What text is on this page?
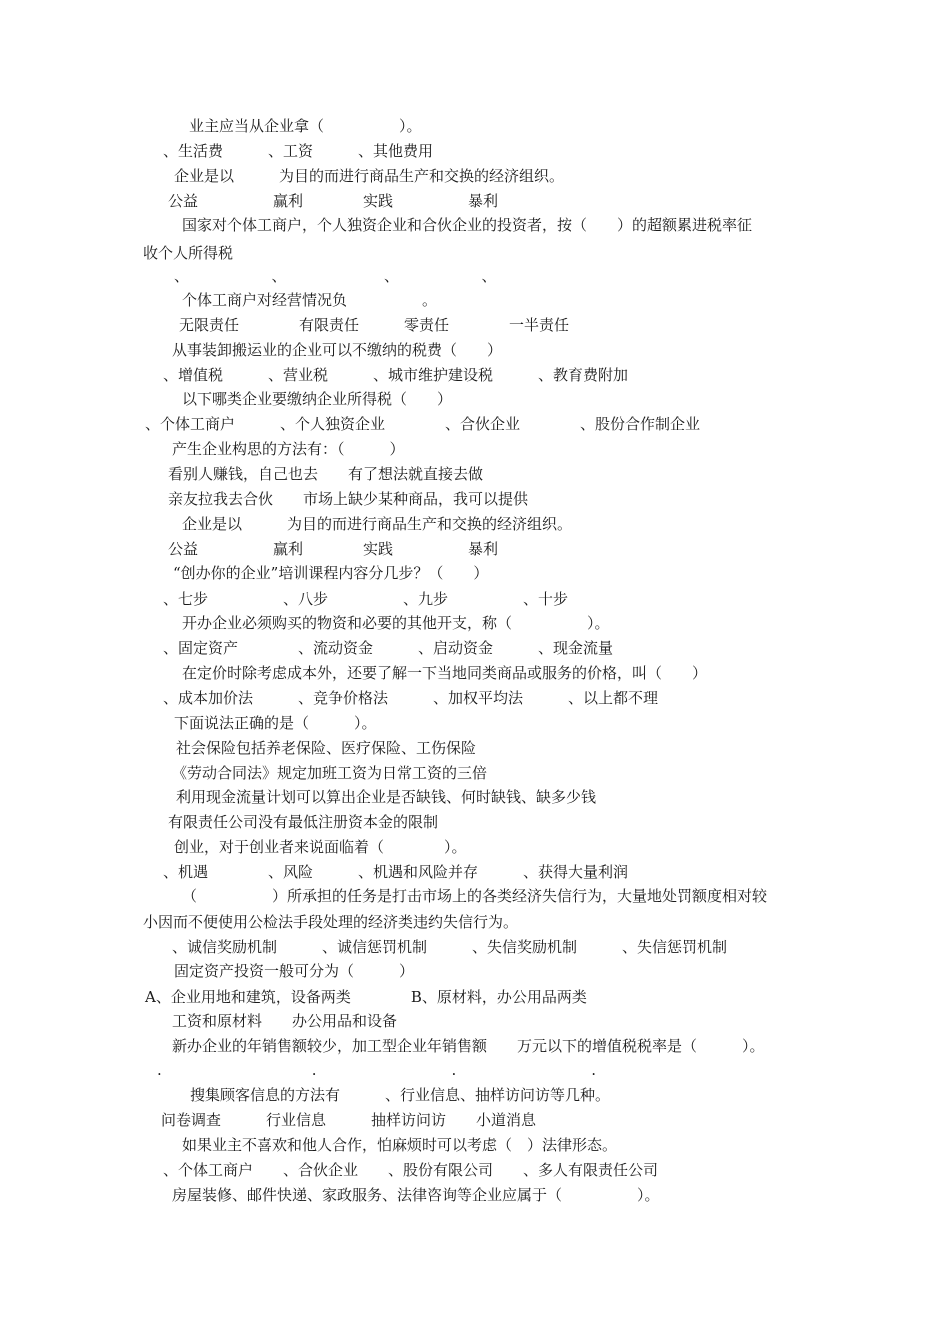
业主应当从企业拿（　　　　　）。
、生活费　　　、工资　　　、其他费用
企业是以　　　为目的而进行商品生产和交换的经济组织。
公益　　　　　赢利　　　　实践　　　　　暴利
国家对个体工商户，个人独资企业和合伙企业的投资者，按（　　）的超额累进税率征
收个人所得税
、　　　　　　、　　　　　　　、　　　　　　、
个体工商户对经营情况负　　　　　。
无限责任　　　　有限责任　　　零责任　　　　一半责任
从事装卸搬运业的企业可以不缴纳的税费（　　）
、增值税　　　、营业税　　　、城市维护建设税　　　、教育费附加
以下哪类企业要缴纳企业所得税（　　）
、个体工商户　　　、个人独资企业　　　　、合伙企业　　　　、股份合作制企业
产生企业构思的方法有：（　　　）
看别人赚钱，自己也去　　有了想法就直接去做
亲友拉我去合伙　　市场上缺少某种商品，我可以提供
企业是以　　　为目的而进行商品生产和交换的经济组织。
公益　　　　　赢利　　　　实践　　　　　暴利
“创办你的企业”培训课程内容分几步？（　　）
、七步　　　　　、八步　　　　　、九步　　　　　、十步
开办企业必须购买的物资和必要的其他开支，称（　　　　　）。
、固定资产　　　　、流动资金　　　、启动资金　　　、现金流量
在定价时除考虑成本外，还要了解一下当地同类商品或服务的价格，叫（　　）
、成本加价法　　　、竞争价格法　　　、加权平均法　　　、以上都不理
下面说法正确的是（　　　）。
社会保险包括养老保险、医疗保险、工伤保险
《劳动合同法》规定加班工资为日常工资的三倍
利用现金流量计划可以算出企业是否缺钱、何时缺钱、缺多少钱
有限责任公司没有最低注册资本金的限制
创业，对于创业者来说面临着（　　　　）。
、机遇　　　　、风险　　　、机遇和风险并存　　　、获得大量利润
（　　　　　）所承担的任务是打击市场上的各类经济失信行为，大量地处罚额度相对较
小因而不便使用公检法手段处理的经济类违约失信行为。
、诚信奖励机制　　　、诚信惩罚机制　　　、失信奖励机制　　　、失信惩罚机制
固定资产投资一般可分为（　　　）
A、企业用地和建筑，设备两类　　　　B、原材料，办公用品两类
工资和原材料　　办公用品和设备
新办企业的年销售额较少，加工型企业年销售额　　万元以下的增值税税率是（　　　）。
.　　　　　　　　　　.　　　　　　　　　.　　　　　　　　　.
搜集顾客信息的方法有　　　、行业信息、抽样访问访等几种。
问卷调查　　　行业信息　　　抽样访问访　　小道消息
如果业主不喜欢和他人合作，怕麻烦时可以考虑（　）法律形态。
、个体工商户　　、合伙企业　　、股份有限公司　　、多人有限责任公司
房屋装修、邮件快递、家政服务、法律咨询等企业应属于（　　　　　）。
